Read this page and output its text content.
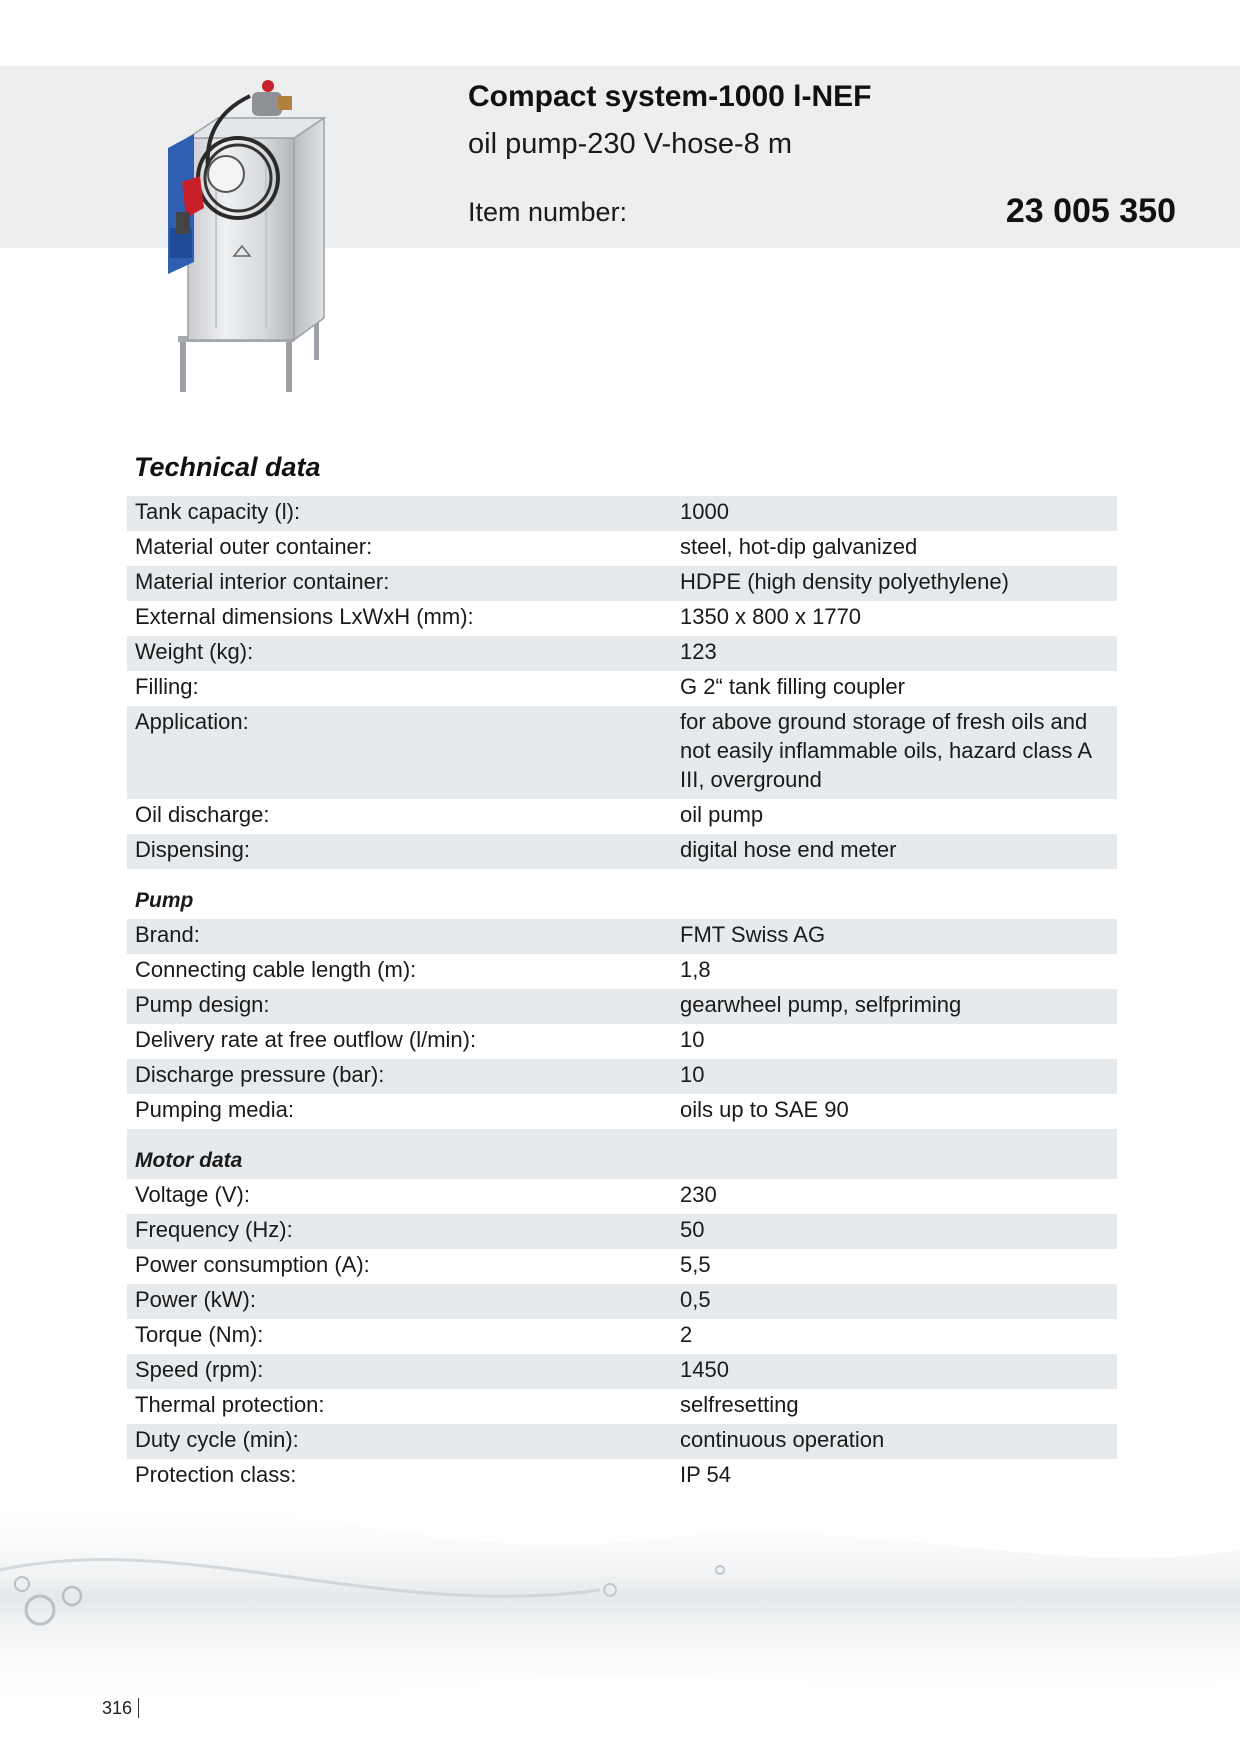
Compact system-1000 l-NEF
oil pump-230 V-hose-8 m
Item number:	23 005 350
Technical data
Tank capacity (l):	1000
Material outer container:	steel, hot-dip galvanized
Material interior container:	HDPE (high density polyethylene)
External dimensions LxWxH (mm):	1350 x 800 x 1770
Weight (kg):	123
Filling:	G 2“ tank filling coupler
Application:	for above ground storage of fresh oils and not easily inflammable oils, hazard class A III, overground
Oil discharge:	oil pump
Dispensing:	digital hose end meter
Pump
Brand:	FMT Swiss AG
Connecting cable length (m):	1,8
Pump design:	gearwheel pump, selfpriming
Delivery rate at free outflow (l/min):	10
Discharge pressure (bar):	10
Pumping media:	oils up to SAE 90
Motor data
Voltage (V):	230
Frequency (Hz):	50
Power consumption (A):	5,5
Power (kW):	0,5
Torque (Nm):	2
Speed (rpm):	1450
Thermal protection:	selfresetting
Duty cycle (min):	continuous operation
Protection class:	IP 54
316
